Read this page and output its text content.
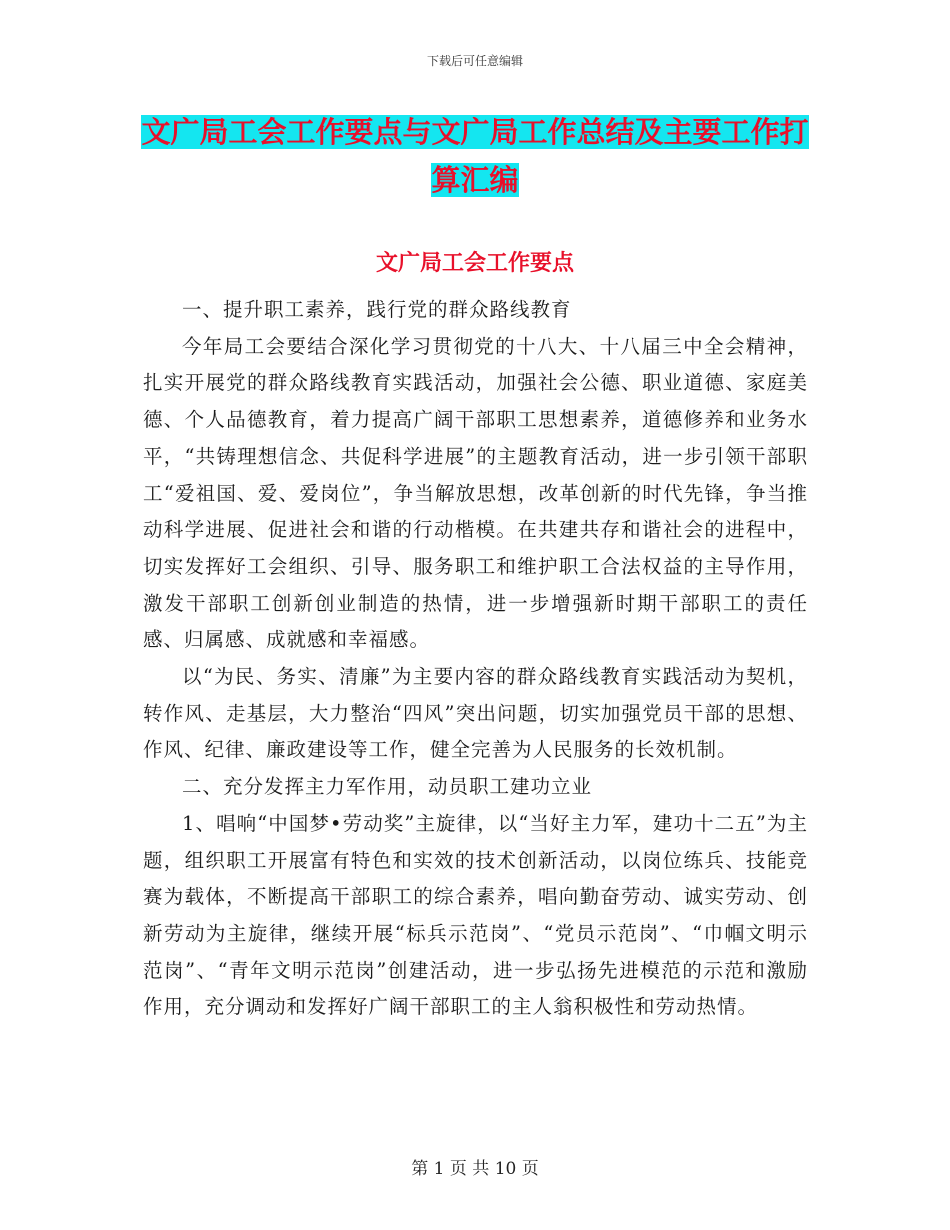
下载后可任意编辑
文广局工会工作要点与文广局工作总结及主要工作打
算汇编
文广局工会工作要点

一、提升职工素养，践行党的群众路线教育

今年局工会要结合深化学习贯彻党的十八大、十八届三中全会精神，扎实开展党的群众路线教育实践活动，加强社会公德、职业道德、家庭美德、个人品德教育，着力提高广阔干部职工思想素养，道德修养和业务水平，“共铸理想信念、共促科学进展”的主题教育活动，进一步引领干部职工“爱祖国、爱、爱岗位”，争当解放思想，改革创新的时代先锋，争当推动科学进展、促进社会和谐的行动楷模。在共建共存和谐社会的进程中，切实发挥好工会组织、引导、服务职工和维护职工合法权益的主导作用，激发干部职工创新创业制造的热情，进一步增强新时期干部职工的责任感、归属感、成就感和幸福感。

以“为民、务实、清廉”为主要内容的群众路线教育实践活动为契机，转作风、走基层，大力整治“四风”突出问题，切实加强党员干部的思想、作风、纪律、廉政建设等工作，健全完善为人民服务的长效机制。

二、充分发挥主力军作用，动员职工建功立业

1、唱响“中国梦•劳动奖”主旋律，以“当好主力军，建功十二五”为主题，组织职工开展富有特色和实效的技术创新活动，以岗位练兵、技能竞赛为载体，不断提高干部职工的综合素养，唱向勤奋劳动、诚实劳动、创新劳动为主旋律，继续开展“标兵示范岗”、“党员示范岗”、“巾帼文明示范岗”、“青年文明示范岗”创建活动，进一步弘扬先进模范的示范和激励作用，充分调动和发挥好广阔干部职工的主人翁积极性和劳动热情。

第 1 页 共 10 页
